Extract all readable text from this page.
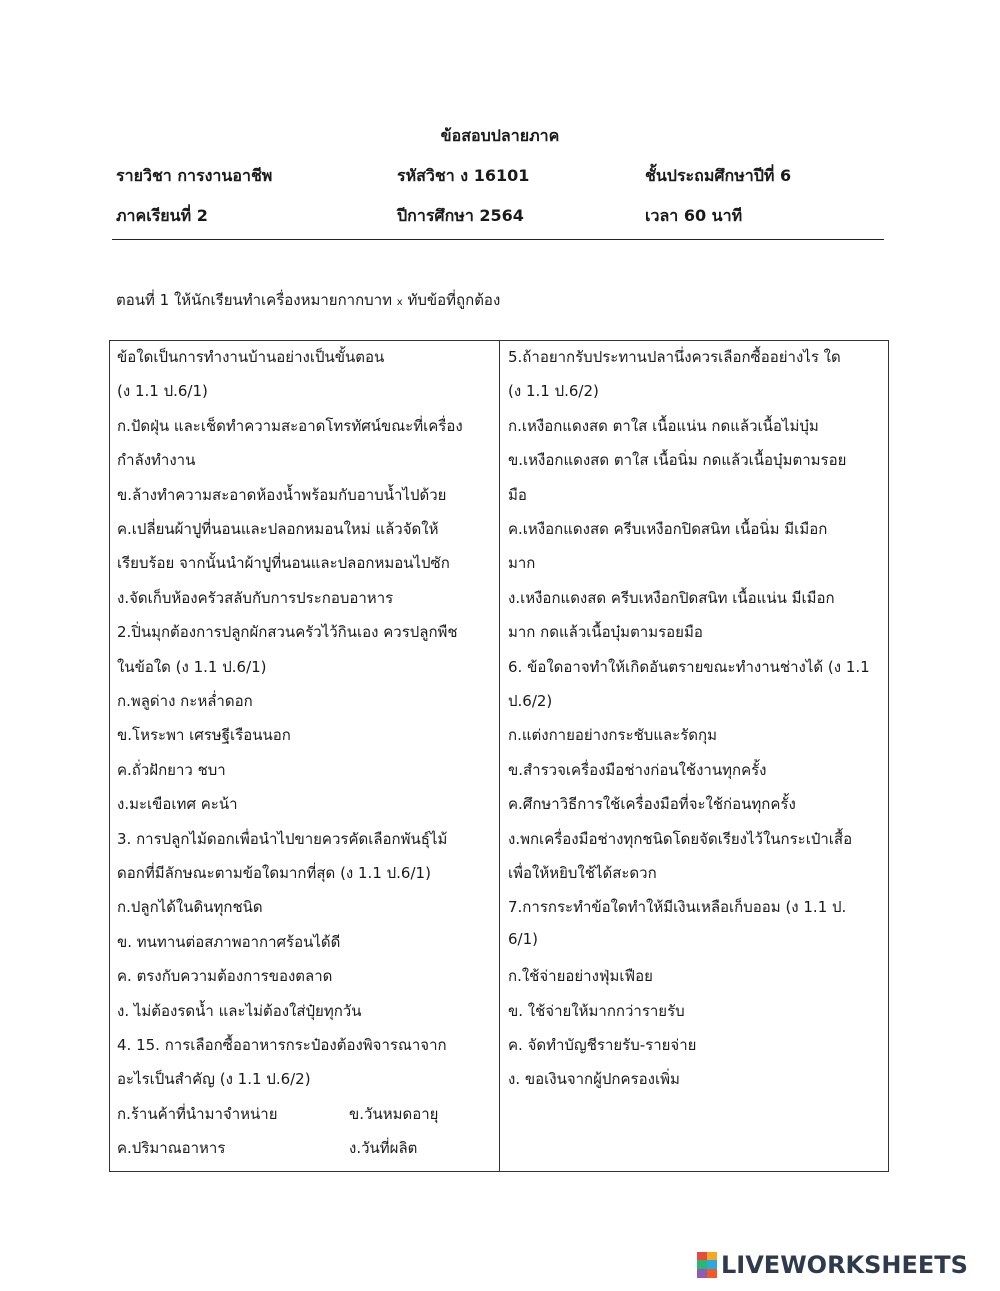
ข้อสอบปลายภาค
รายวิชา การงานอาชีพ	รหัสวิชา ง 16101	ชั้นประถมศึกษาปีที่ 6
ภาคเรียนที่ 2	ปีการศึกษา 2564	เวลา 60 นาที
ตอนที่ 1 ให้นักเรียนทำเครื่องหมายกากบาท x ทับข้อที่ถูกต้อง
ข้อใดเป็นการทำงานบ้านอย่างเป็นขั้นตอน
(ง 1.1 ป.6/1)
ก.ปัดฝุ่น และเช็ดทำความสะอาดโทรทัศน์ขณะที่เครื่อง
กำลังทำงาน
ข.ล้างทำความสะอาดห้องน้ำพร้อมกับอาบน้ำไปด้วย
ค.เปลี่ยนผ้าปูที่นอนและปลอกหมอนใหม่ แล้วจัดให้
เรียบร้อย จากนั้นนำผ้าปูที่นอนและปลอกหมอนไปซัก
ง.จัดเก็บห้องครัวสลับกับการประกอบอาหาร
2.ปิ่นมุกต้องการปลูกผักสวนครัวไว้กินเอง ควรปลูกพืช
ในข้อใด (ง 1.1 ป.6/1)
ก.พลูด่าง กะหล่ำดอก
ข.โหระพา เศรษฐีเรือนนอก
ค.ถั่วฝักยาว ชบา
ง.มะเขือเทศ คะน้า
3. การปลูกไม้ดอกเพื่อนำไปขายควรคัดเลือกพันธุ์ไม้
ดอกที่มีลักษณะตามข้อใดมากที่สุด (ง 1.1 ป.6/1)
ก.ปลูกได้ในดินทุกชนิด
ข. ทนทานต่อสภาพอากาศร้อนได้ดี
ค. ตรงกับความต้องการของตลาด
ง. ไม่ต้องรดน้ำ และไม่ต้องใส่ปุ๋ยทุกวัน
4. 15. การเลือกซื้ออาหารกระป๋องต้องพิจารณาจาก
อะไรเป็นสำคัญ (ง 1.1 ป.6/2)
ก.ร้านค้าที่นำมาจำหน่าย	ข.วันหมดอายุ
ค.ปริมาณอาหาร	ง.วันที่ผลิต
5.ถ้าอยากรับประทานปลานึ่งควรเลือกซื้ออย่างไร ใด
(ง 1.1 ป.6/2)
ก.เหงือกแดงสด ตาใส เนื้อแน่น กดแล้วเนื้อไม่บุ๋ม
ข.เหงือกแดงสด ตาใส เนื้อนิ่ม กดแล้วเนื้อบุ๋มตามรอย
มือ
ค.เหงือกแดงสด ครีบเหงือกปิดสนิท เนื้อนิ่ม มีเมือก
มาก
ง.เหงือกแดงสด ครีบเหงือกปิดสนิท เนื้อแน่น มีเมือก
มาก กดแล้วเนื้อบุ๋มตามรอยมือ
6. ข้อใดอาจทำให้เกิดอันตรายขณะทำงานช่างได้ (ง 1.1
ป.6/2)
ก.แต่งกายอย่างกระชับและรัดกุม
ข.สำรวจเครื่องมือช่างก่อนใช้งานทุกครั้ง
ค.ศึกษาวิธีการใช้เครื่องมือที่จะใช้ก่อนทุกครั้ง
ง.พกเครื่องมือช่างทุกชนิดโดยจัดเรียงไว้ในกระเป๋าเสื้อ
เพื่อให้หยิบใช้ได้สะดวก
7.การกระทำข้อใดทำให้มีเงินเหลือเก็บออม (ง 1.1 ป.
6/1)
ก.ใช้จ่ายอย่างฟุ่มเฟือย
ข. ใช้จ่ายให้มากกว่ารายรับ
ค. จัดทำบัญชีรายรับ-รายจ่าย
ง. ขอเงินจากผู้ปกครองเพิ่ม
LIVEWORKSHEETS
